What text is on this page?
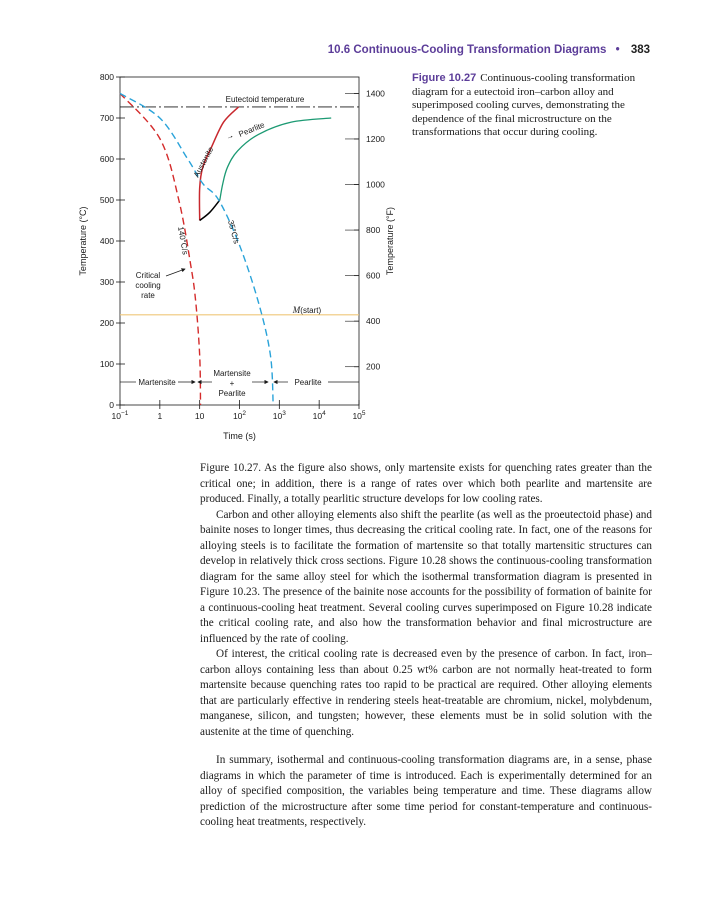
10.6 Continuous-Cooling Transformation Diagrams • 383
0
100
200
300
400
500
600
700
800
200
400
600
800
1000
1200
1400
$10^{-1}$	1	10	$10^2$	$10^3$	$10^4$	$10^5$
Time (s)
Temperature (°C)	Temperature (°F)
Eutectoid temperature
Austenite
→ Pearlite
140°C/s	35°C/s
Critical
cooling
rate
M(start)
Martensite
+
Pearlite
Martensite	Pearlite
Figure 10.27 Continuous-cooling transformation diagram for a eutectoid iron–carbon alloy and superimposed cooling curves, demonstrating the dependence of the final microstructure on the transformations that occur during cooling.

Figure 10.27. As the figure also shows, only martensite exists for quenching rates greater than the critical one; in addition, there is a range of rates over which both pearlite and martensite are produced. Finally, a totally pearlitic structure develops for low cooling rates.

Carbon and other alloying elements also shift the pearlite (as well as the proeutectoid phase) and bainite noses to longer times, thus decreasing the critical cooling rate. In fact, one of the reasons for alloying steels is to facilitate the formation of martensite so that totally martensitic structures can develop in relatively thick cross sections. Figure 10.28 shows the continuous-cooling transformation diagram for the same alloy steel for which the isothermal transformation diagram is presented in Figure 10.23. The presence of the bainite nose accounts for the possibility of formation of bainite for a continuous-cooling heat treatment. Several cooling curves superimposed on Figure 10.28 indicate the critical cooling rate, and also how the transformation behavior and final microstructure are influenced by the rate of cooling.

Of interest, the critical cooling rate is decreased even by the presence of carbon. In fact, iron–carbon alloys containing less than about 0.25 wt% carbon are not normally heat-treated to form martensite because quenching rates too rapid to be practical are required. Other alloying elements that are particularly effective in rendering steels heat-treatable are chromium, nickel, molybdenum, manganese, silicon, and tungsten; however, these elements must be in solid solution with the austenite at the time of quenching.

In summary, isothermal and continuous-cooling transformation diagrams are, in a sense, phase diagrams in which the parameter of time is introduced. Each is experimentally determined for an alloy of specified composition, the variables being temperature and time. These diagrams allow prediction of the microstructure after some time period for constant-temperature and continuous-cooling heat treatments, respectively.
